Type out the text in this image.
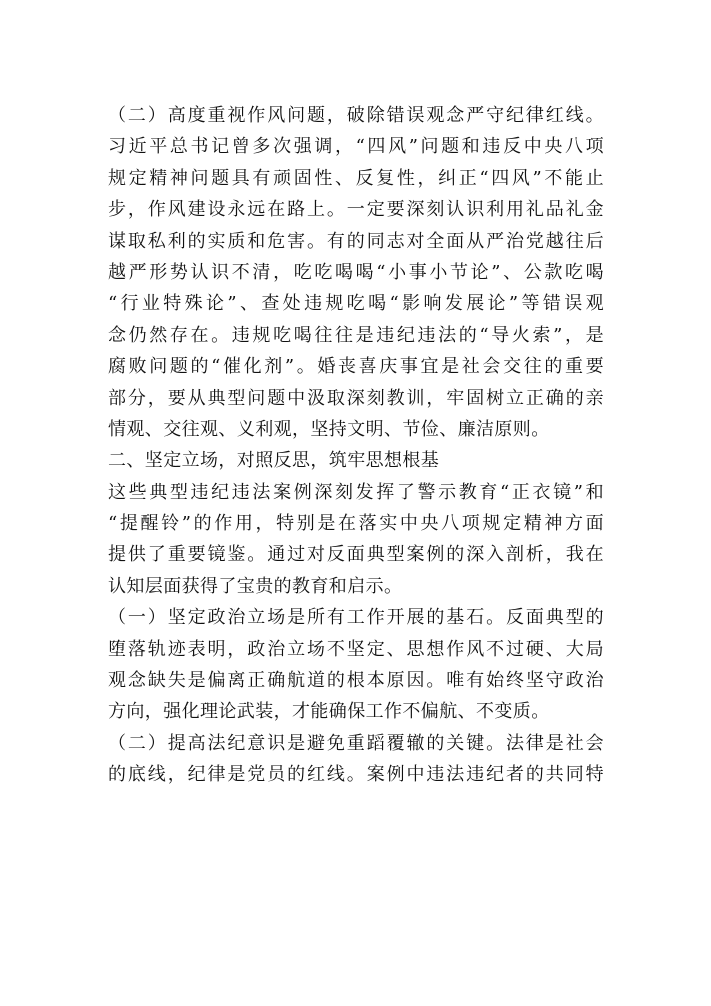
（二）高度重视作风问题，破除错误观念严守纪律红线。
习近平总书记曾多次强调，“四风”问题和违反中央八项
规定精神问题具有顽固性、反复性，纠正“四风”不能止
步，作风建设永远在路上。一定要深刻认识利用礼品礼金
谋取私利的实质和危害。有的同志对全面从严治党越往后
越严形势认识不清，吃吃喝喝“小事小节论”、公款吃喝
“行业特殊论”、查处违规吃喝“影响发展论”等错误观
念仍然存在。违规吃喝往往是违纪违法的“导火索”，是
腐败问题的“催化剂”。婚丧喜庆事宜是社会交往的重要
部分，要从典型问题中汲取深刻教训，牢固树立正确的亲
情观、交往观、义利观，坚持文明、节俭、廉洁原则。
二、坚定立场，对照反思，筑牢思想根基
这些典型违纪违法案例深刻发挥了警示教育“正衣镜”和
“提醒铃”的作用，特别是在落实中央八项规定精神方面
提供了重要镜鉴。通过对反面典型案例的深入剖析，我在
认知层面获得了宝贵的教育和启示。
（一）坚定政治立场是所有工作开展的基石。反面典型的
堕落轨迹表明，政治立场不坚定、思想作风不过硬、大局
观念缺失是偏离正确航道的根本原因。唯有始终坚守政治
方向，强化理论武装，才能确保工作不偏航、不变质。
（二）提高法纪意识是避免重蹈覆辙的关键。法律是社会
的底线，纪律是党员的红线。案例中违法违纪者的共同特
